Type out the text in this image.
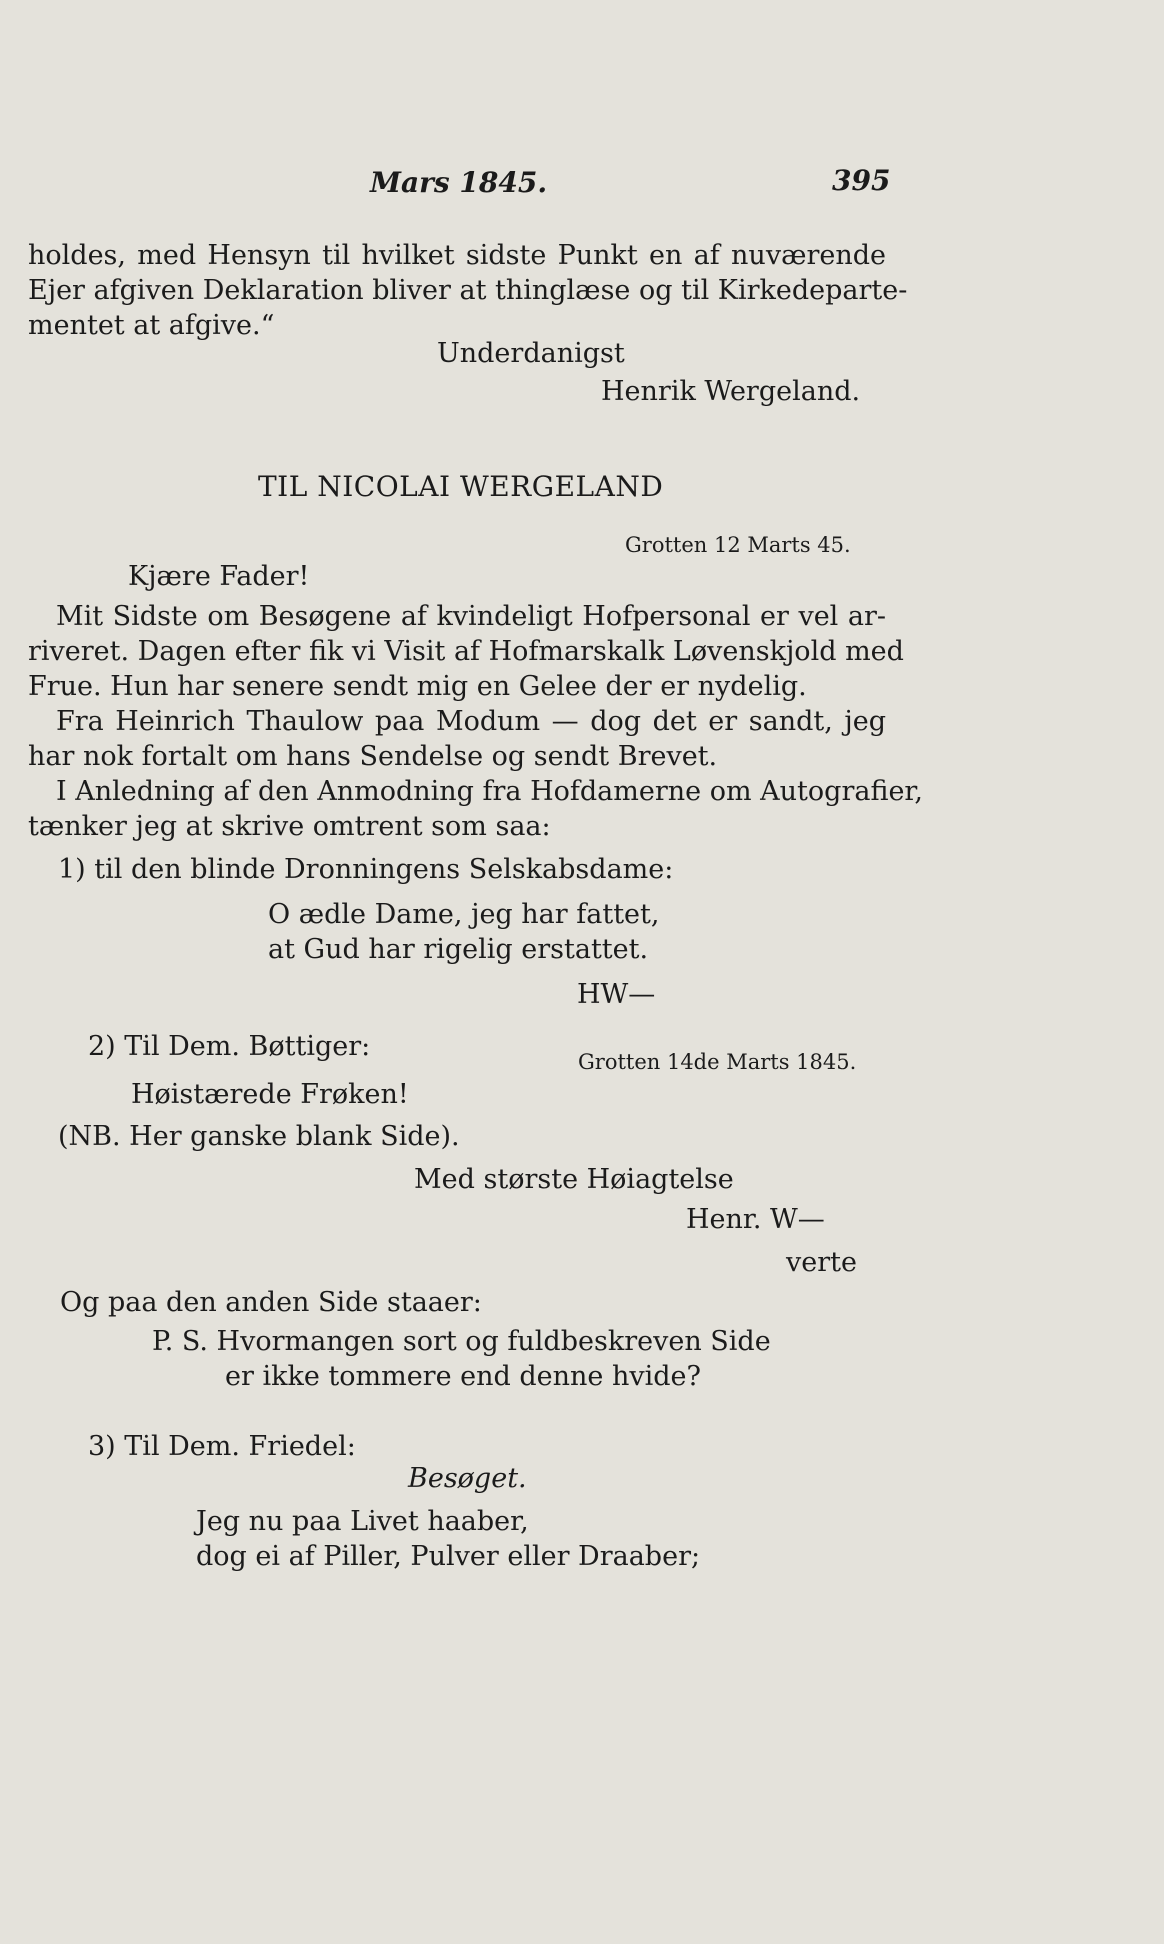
Mars 1845.	395
holdes, med Hensyn til hvilket sidste Punkt en af nuværende
Ejer afgiven Deklaration bliver at thinglæse og til Kirkedeparte-
mentet at afgive.“
Underdanigst
Henrik Wergeland.
TIL NICOLAI WERGELAND
Grotten 12 Marts 45.
Kjære Fader!
Mit Sidste om Besøgene af kvindeligt Hofpersonal er vel ar-
riveret. Dagen efter fik vi Visit af Hofmarskalk Løvenskjold med
Frue. Hun har senere sendt mig en Gelee der er nydelig.
Fra Heinrich Thaulow paa Modum — dog det er sandt, jeg
har nok fortalt om hans Sendelse og sendt Brevet.
I Anledning af den Anmodning fra Hofdamerne om Autografier,
tænker jeg at skrive omtrent som saa:
1) til den blinde Dronningens Selskabsdame:
O ædle Dame, jeg har fattet,
at Gud har rigelig erstattet.
HW—
2) Til Dem. Bøttiger:	Grotten 14de Marts 1845.
Høistærede Frøken!
(NB. Her ganske blank Side).
Med største Høiagtelse
Henr. W—
verte
Og paa den anden Side staaer:
P. S. Hvormangen sort og fuldbeskreven Side
er ikke tommere end denne hvide?
3) Til Dem. Friedel:
Besøget.
Jeg nu paa Livet haaber,
dog ei af Piller, Pulver eller Draaber;
